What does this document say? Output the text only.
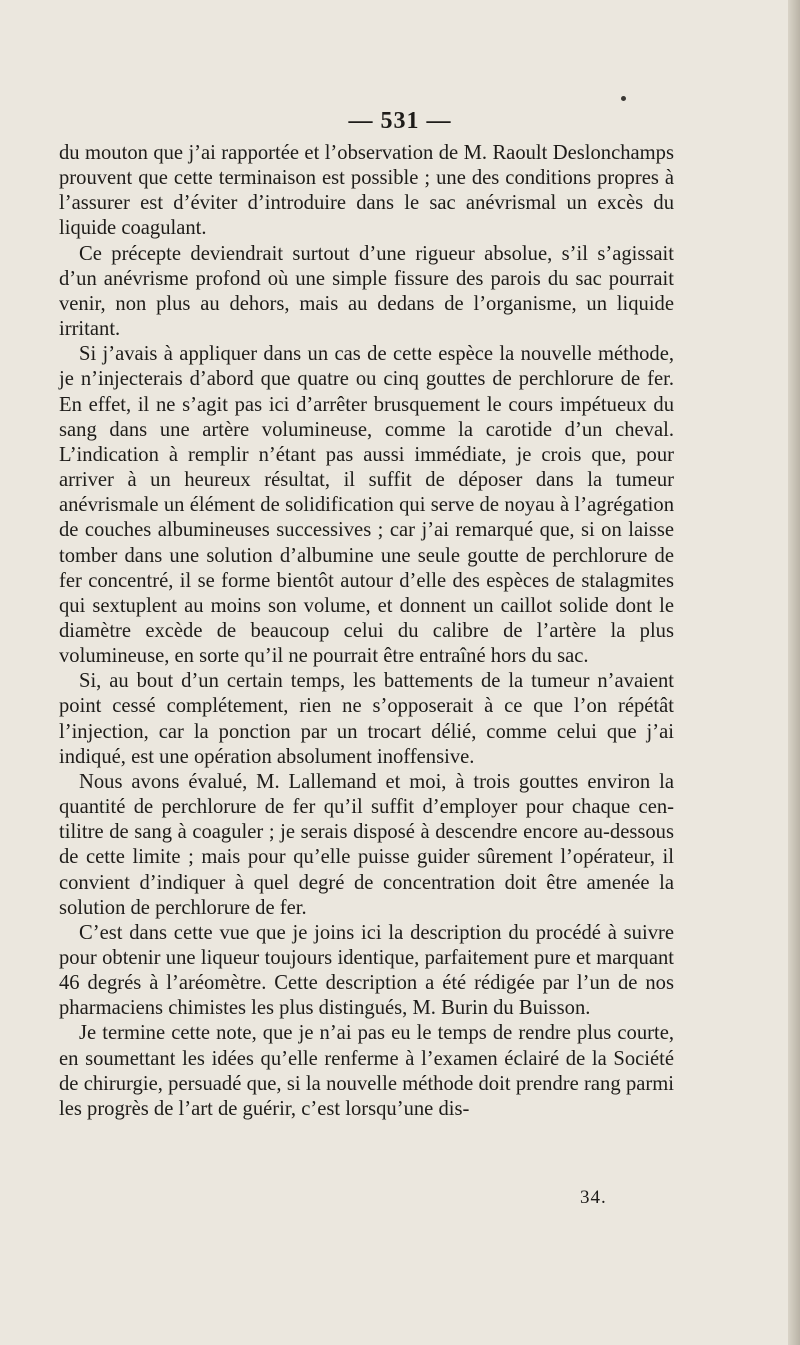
— 531 —

du mouton que j’ai rapportée et l’observation de M. Raoult Deslonchamps prouvent que cette terminaison est possible ; une des conditions propres à l’assurer est d’éviter d’introduire dans le sac anévrismal un excès du liquide coagulant.

Ce précepte deviendrait surtout d’une rigueur absolue, s’il s’agissait d’un anévrisme profond où une simple fissure des parois du sac pourrait venir, non plus au dehors, mais au dedans de l’organisme, un liquide irritant.

Si j’avais à appliquer dans un cas de cette espèce la nouvelle méthode, je n’injecterais d’abord que quatre ou cinq gouttes de perchlorure de fer. En effet, il ne s’agit pas ici d’arrêter brusquement le cours impétueux du sang dans une artère volumineuse, comme la carotide d’un cheval. L’indication à remplir n’étant pas aussi immédiate, je crois que, pour arriver à un heureux résultat, il suffit de déposer dans la tumeur anévrismale un élément de solidification qui serve de noyau à l’agrégation de couches albumineuses successives ; car j’ai remarqué que, si on laisse tomber dans une solution d’albumine une seule goutte de perchlorure de fer concentré, il se forme bientôt autour d’elle des espèces de stalagmites qui sextuplent au moins son volume, et donnent un caillot solide dont le diamètre excède de beaucoup celui du calibre de l’artère la plus volumineuse, en sorte qu’il ne pourrait être entraîné hors du sac.

Si, au bout d’un certain temps, les battements de la tumeur n’avaient point cessé complétement, rien ne s’opposerait à ce que l’on répétât l’injection, car la ponction par un trocart délié, comme celui que j’ai indiqué, est une opération absolument inoffensive.

Nous avons évalué, M. Lallemand et moi, à trois gouttes environ la quantité de perchlorure de fer qu’il suffit d’employer pour chaque centilitre de sang à coaguler ; je serais disposé à descendre encore au-dessous de cette limite ; mais pour qu’elle puisse guider sûrement l’opérateur, il convient d’indiquer à quel degré de concentration doit être amenée la solution de perchlorure de fer.

C’est dans cette vue que je joins ici la description du procédé à suivre pour obtenir une liqueur toujours identique, parfaitement pure et marquant 46 degrés à l’aréomètre. Cette description a été rédigée par l’un de nos pharmaciens chimistes les plus distingués, M. Burin du Buisson.

Je termine cette note, que je n’ai pas eu le temps de rendre plus courte, en soumettant les idées qu’elle renferme à l’examen éclairé de la Société de chirurgie, persuadé que, si la nouvelle méthode doit prendre rang parmi les progrès de l’art de guérir, c’est lorsqu’une dis-

34.
